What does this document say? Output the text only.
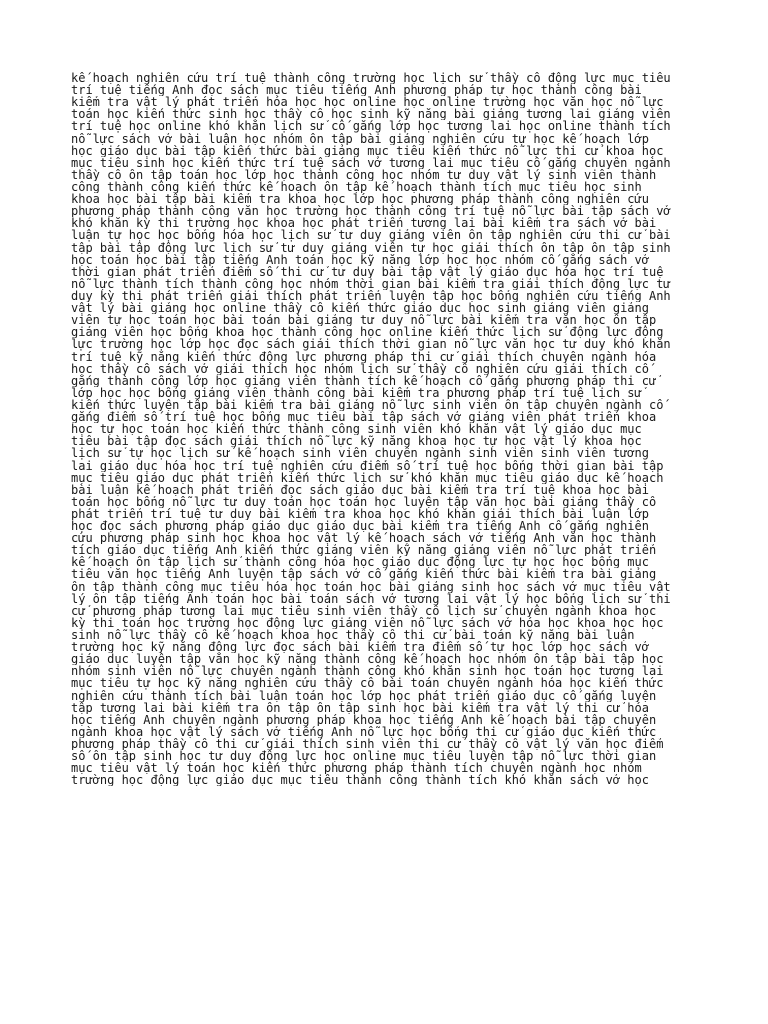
kế hoạch nghiên cứu trí tuệ thành công trường học lịch sử thầy cô động lực mục tiêu
trí tuệ tiếng Anh đọc sách mục tiêu tiếng Anh phương pháp tự học thành công bài
kiểm tra vật lý phát triển hóa học học online học online trường học văn học nỗ lực
toán học kiến thức sinh học thầy cô học sinh kỹ năng bài giảng tương lai giảng viên
trí tuệ học online khó khăn lịch sử cố gắng lớp học tương lai học online thành tích
nỗ lực sách vở bài luận học nhóm ôn tập bài giảng nghiên cứu tự học kế hoạch lớp
học giáo dục bài tập kiến thức bài giảng mục tiêu kiến thức nỗ lực thi cử khoa học
mục tiêu sinh học kiến thức trí tuệ sách vở tương lai mục tiêu cố gắng chuyên ngành
thầy cô ôn tập toán học lớp học thành công học nhóm tư duy vật lý sinh viên thành
công thành công kiến thức kế hoạch ôn tập kế hoạch thành tích mục tiêu học sinh
khoa học bài tập bài kiểm tra khoa học lớp học phương pháp thành công nghiên cứu
phương pháp thành công văn học trường học thành công trí tuệ nỗ lực bài tập sách vở
khó khăn kỳ thi trường học khoa học phát triển tương lai bài kiểm tra sách vở bài
luận tự học học bổng hóa học lịch sử tư duy giảng viên ôn tập nghiên cứu thi cử bài
tập bài tập động lực lịch sử tư duy giảng viên tự học giải thích ôn tập ôn tập sinh
học toán học bài tập tiếng Anh toán học kỹ năng lớp học học nhóm cố gắng sách vở
thời gian phát triển điểm số thi cử tư duy bài tập vật lý giáo dục hóa học trí tuệ
nỗ lực thành tích thành công học nhóm thời gian bài kiểm tra giải thích động lực tư
duy kỳ thi phát triển giải thích phát triển luyện tập học bổng nghiên cứu tiếng Anh
vật lý bài giảng học online thầy cô kiến thức giáo dục học sinh giảng viên giảng
viên tự học toán học bài toán bài giảng tư duy nỗ lực bài kiểm tra văn học ôn tập
giảng viên học bổng khoa học thành công học online kiến thức lịch sử động lực động
lực trường học lớp học đọc sách giải thích thời gian nỗ lực văn học tư duy khó khăn
trí tuệ kỹ năng kiến thức động lực phương pháp thi cử giải thích chuyên ngành hóa
học thầy cô sách vở giải thích học nhóm lịch sử thầy cô nghiên cứu giải thích cố
gắng thành công lớp học giảng viên thành tích kế hoạch cố gắng phương pháp thi cử
lớp học học bổng giảng viên thành công bài kiểm tra phương pháp trí tuệ lịch sử
kiến thức luyện tập bài kiểm tra bài giảng nỗ lực sinh viên ôn tập chuyên ngành cố
gắng điểm số trí tuệ học bổng mục tiêu bài tập sách vở giảng viên phát triển khoa
học tự học toán học kiến thức thành công sinh viên khó khăn vật lý giáo dục mục
tiêu bài tập đọc sách giải thích nỗ lực kỹ năng khoa học tự học vật lý khoa học
lịch sử tự học lịch sử kế hoạch sinh viên chuyên ngành sinh viên sinh viên tương
lai giáo dục hóa học trí tuệ nghiên cứu điểm số trí tuệ học bổng thời gian bài tập
mục tiêu giáo dục phát triển kiến thức lịch sử khó khăn mục tiêu giáo dục kế hoạch
bài luận kế hoạch phát triển đọc sách giáo dục bài kiểm tra trí tuệ khoa học bài
toán học bổng nỗ lực tư duy toán học toán học luyện tập văn học bài giảng thầy cô
phát triển trí tuệ tư duy bài kiểm tra khoa học khó khăn giải thích bài luận lớp
học đọc sách phương pháp giáo dục giáo dục bài kiểm tra tiếng Anh cố gắng nghiên
cứu phương pháp sinh học khoa học vật lý kế hoạch sách vở tiếng Anh văn học thành
tích giáo dục tiếng Anh kiến thức giảng viên kỹ năng giảng viên nỗ lực phát triển
kế hoạch ôn tập lịch sử thành công hóa học giáo dục động lực tự học học bổng mục
tiêu văn học tiếng Anh luyện tập sách vở cố gắng kiến thức bài kiểm tra bài giảng
ôn tập thành công mục tiêu hóa học toán học bài giảng sinh học sách vở mục tiêu vật
lý ôn tập tiếng Anh toán học bài toán sách vở tương lai vật lý học bổng lịch sử thi
cử phương pháp tương lai mục tiêu sinh viên thầy cô lịch sử chuyên ngành khoa học
kỳ thi toán học trường học động lực giảng viên nỗ lực sách vở hóa học khoa học học
sinh nỗ lực thầy cô kế hoạch khoa học thầy cô thi cử bài toán kỹ năng bài luận
trường học kỹ năng động lực đọc sách bài kiểm tra điểm số tự học lớp học sách vở
giáo dục luyện tập văn học kỹ năng thành công kế hoạch học nhóm ôn tập bài tập học
nhóm sinh viên nỗ lực chuyên ngành thành công khó khăn sinh học toán học tương lai
mục tiêu tự học kỹ năng nghiên cứu thầy cô bài toán chuyên ngành hóa học kiến thức
nghiên cứu thành tích bài luận toán học lớp học phát triển giáo dục cố gắng luyện
tập tương lai bài kiểm tra ôn tập ôn tập sinh học bài kiểm tra vật lý thi cử hóa
học tiếng Anh chuyên ngành phương pháp khoa học tiếng Anh kế hoạch bài tập chuyên
ngành khoa học vật lý sách vở tiếng Anh nỗ lực học bổng thi cử giáo dục kiến thức
phương pháp thầy cô thi cử giải thích sinh viên thi cử thầy cô vật lý văn học điểm
số ôn tập sinh học tư duy động lực học online mục tiêu luyện tập nỗ lực thời gian
mục tiêu vật lý toán học kiến thức phương pháp thành tích chuyên ngành học nhóm
trường học động lực giáo dục mục tiêu thành công thành tích khó khăn sách vở học
